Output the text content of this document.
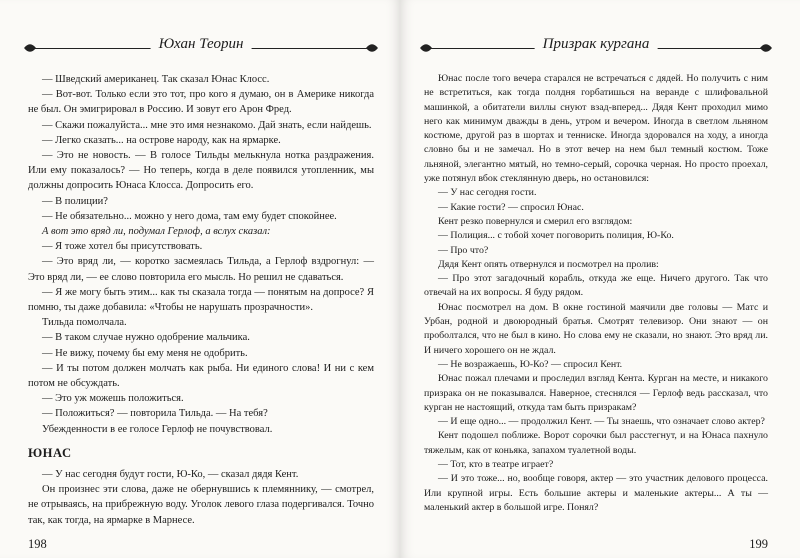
Юхан Теорин

— Шведский американец. Так сказал Юнас Клосс.

— Вот-вот. Только если это тот, про кого я думаю, он в Америке никогда не был. Он эмигрировал в Россию. И зовут его Арон Фред.

— Скажи пожалуйста... мне это имя незнакомо. Дай знать, если найдешь.

— Легко сказать... на острове народу, как на ярмарке.

— Это не новость. — В голосе Тильды мелькнула нотка раздражения. Или ему показалось? — Но теперь, когда в деле появился утопленник, мы должны допросить Юнаса Клосса. Допросить его.

— В полиции?

— Не обязательно... можно у него дома, там ему будет спокойнее.

А вот это вряд ли, подумал Герлоф, а вслух сказал:

— Я тоже хотел бы присутствовать.

— Это вряд ли, — коротко засмеялась Тильда, а Герлоф вздрогнул: — Это вряд ли, — ее слово повторила его мысль. Но решил не сдаваться.

— Я же могу быть этим... как ты сказала тогда — понятым на допросе? Я помню, ты даже добавила: «Чтобы не нарушать прозрачности».

Тильда помолчала.

— В таком случае нужно одобрение мальчика.

— Не вижу, почему бы ему меня не одобрить.

— И ты потом должен молчать как рыба. Ни единого слова! И ни с кем потом не обсуждать.

— Это уж можешь положиться.

— Положиться? — повторила Тильда. — На тебя?

Убежденности в ее голосе Герлоф не почувствовал.

ЮНАС

— У нас сегодня будут гости, Ю-Ко, — сказал дядя Кент.

Он произнес эти слова, даже не обернувшись к племяннику, — смотрел, не отрываясь, на прибрежную воду. Уголок левого глаза подергивался. Точно так, как тогда, на ярмарке в Марнесе.

198
Призрак кургана

Юнас после того вечера старался не встречаться с дядей. Но получить с ним не встретиться, как тогда полдня горбатишься на веранде с шлифовальной машинкой, а обитатели виллы снуют взад-вперед... Дядя Кент проходил мимо него как минимум дважды в день, утром и вечером. Иногда в светлом льняном костюме, другой раз в шортах и тенниске. Иногда здоровался на ходу, а иногда словно бы и не замечал. Но в этот вечер на нем был темный костюм. Тоже льняной, элегантно мятый, но темно-серый, сорочка черная. Но просто проехал, уже потянул вбок стеклянную дверь, но остановился:

— У нас сегодня гости.

— Какие гости? — спросил Юнас.

Кент резко повернулся и смерил его взглядом:

— Полиция... с тобой хочет поговорить полиция, Ю-Ко.

— Про что?

Дядя Кент опять отвернулся и посмотрел на пролив:

— Про этот загадочный корабль, откуда же еще. Ничего другого. Так что отвечай на их вопросы. Я буду рядом.

Юнас посмотрел на дом. В окне гостиной маячили две головы — Матс и Урбан, родной и двоюродный братья. Смотрят телевизор. Они знают — он проболтался, что не был в кино. Но слова ему не сказали, но знают. Это вряд ли. И ничего хорошего он не ждал.

— Не возражаешь, Ю-Ко? — спросил Кент.

Юнас пожал плечами и проследил взгляд Кента. Курган на месте, и никакого призрака он не показывался. Наверное, стеснялся — Герлоф ведь рассказал, что курган не настоящий, откуда там быть призракам?

— И еще одно... — продолжил Кент. — Ты знаешь, что означает слово актер?

Кент подошел поближе. Ворот сорочки был расстегнут, и на Юнаса пахнуло тяжелым, как от коньяка, запахом туалетной воды.

— Тот, кто в театре играет?

— И это тоже... но, вообще говоря, актер — это участник делового процесса. Или крупной игры. Есть большие актеры и маленькие актеры... А ты — маленький актер в большой игре. Понял?

199
